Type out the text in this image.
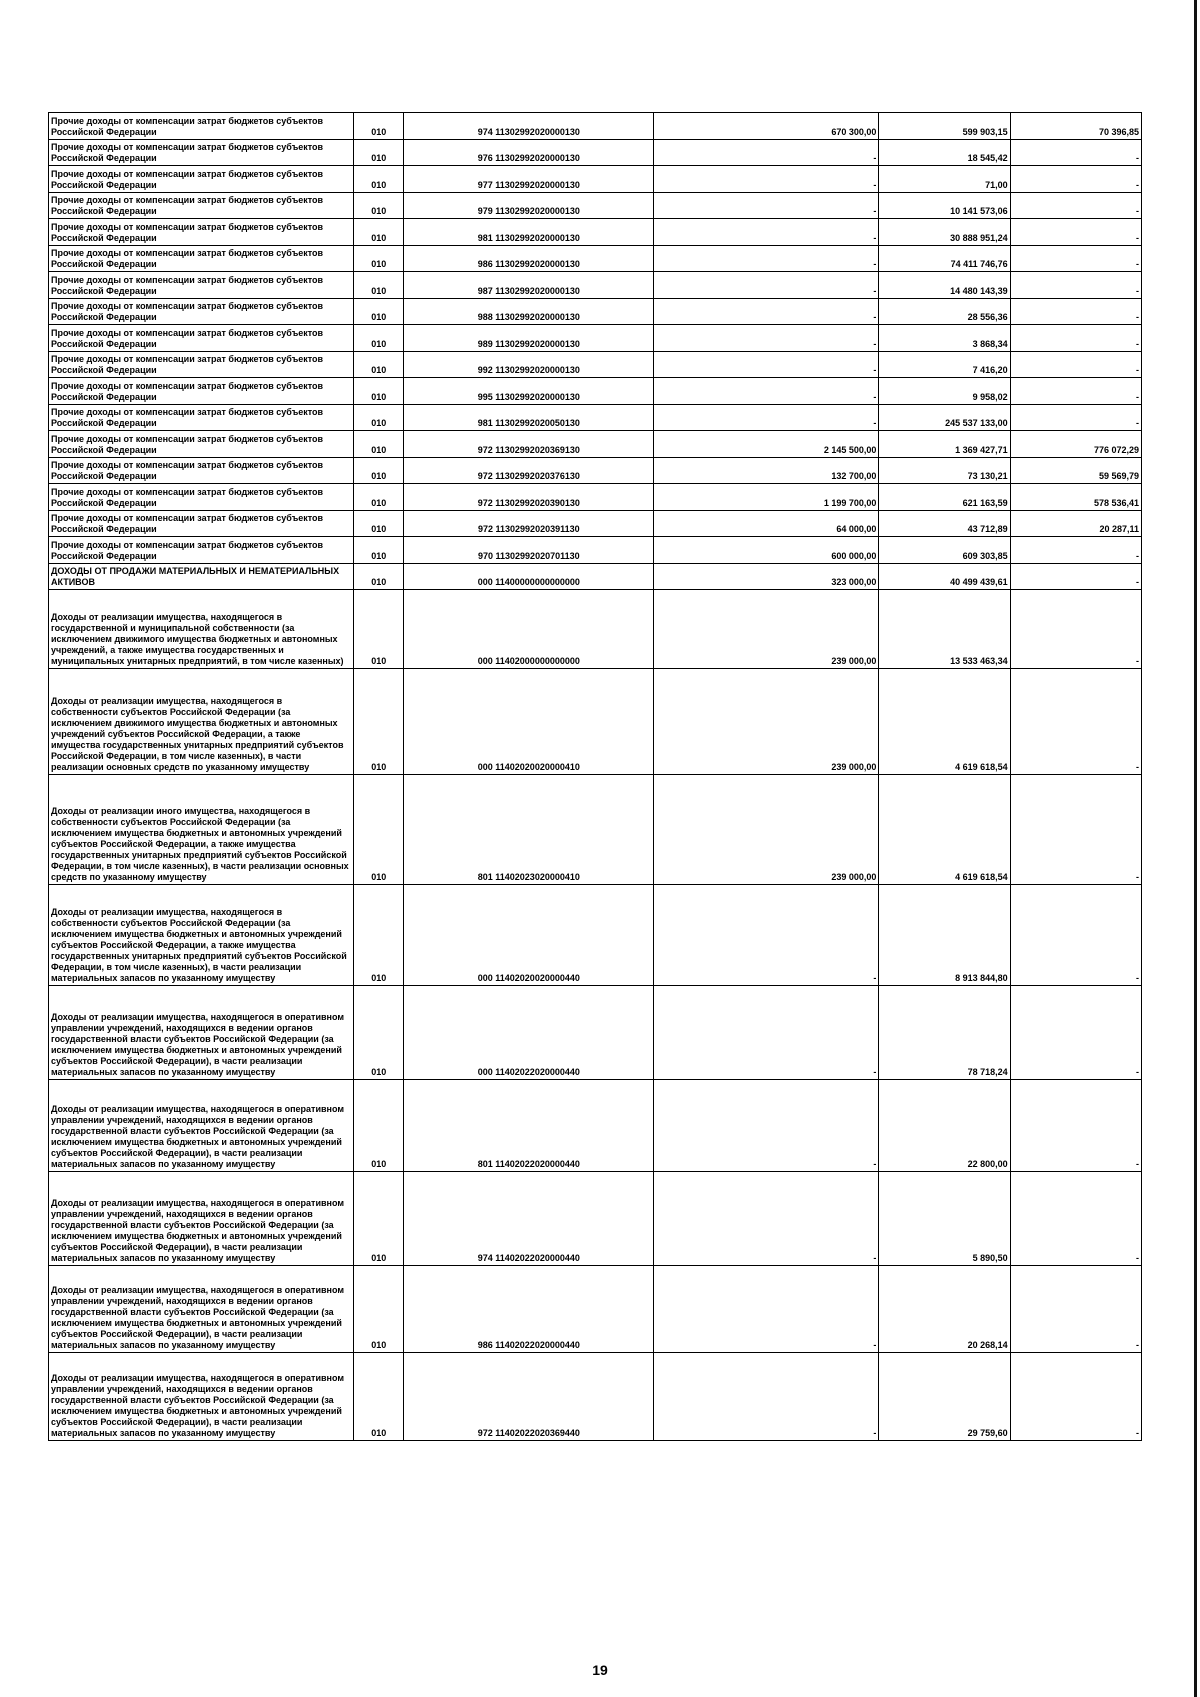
Прочие доходы от компенсации затрат бюджетов субъектов Российской Федерации	010	974 11302992020000130	670 300,00	599 903,15	70 396,85
Прочие доходы от компенсации затрат бюджетов субъектов Российской Федерации	010	976 11302992020000130	-	18 545,42	-
Прочие доходы от компенсации затрат бюджетов субъектов Российской Федерации	010	977 11302992020000130	-	71,00	-
Прочие доходы от компенсации затрат бюджетов субъектов Российской Федерации	010	979 11302992020000130	-	10 141 573,06	-
Прочие доходы от компенсации затрат бюджетов субъектов Российской Федерации	010	981 11302992020000130	-	30 888 951,24	-
Прочие доходы от компенсации затрат бюджетов субъектов Российской Федерации	010	986 11302992020000130	-	74 411 746,76	-
Прочие доходы от компенсации затрат бюджетов субъектов Российской Федерации	010	987 11302992020000130	-	14 480 143,39	-
Прочие доходы от компенсации затрат бюджетов субъектов Российской Федерации	010	988 11302992020000130	-	28 556,36	-
Прочие доходы от компенсации затрат бюджетов субъектов Российской Федерации	010	989 11302992020000130	-	3 868,34	-
Прочие доходы от компенсации затрат бюджетов субъектов Российской Федерации	010	992 11302992020000130	-	7 416,20	-
Прочие доходы от компенсации затрат бюджетов субъектов Российской Федерации	010	995 11302992020000130	-	9 958,02	-
Прочие доходы от компенсации затрат бюджетов субъектов Российской Федерации	010	981 11302992020050130	-	245 537 133,00	-
Прочие доходы от компенсации затрат бюджетов субъектов Российской Федерации	010	972 11302992020369130	2 145 500,00	1 369 427,71	776 072,29
Прочие доходы от компенсации затрат бюджетов субъектов Российской Федерации	010	972 11302992020376130	132 700,00	73 130,21	59 569,79
Прочие доходы от компенсации затрат бюджетов субъектов Российской Федерации	010	972 11302992020390130	1 199 700,00	621 163,59	578 536,41
Прочие доходы от компенсации затрат бюджетов субъектов Российской Федерации	010	972 11302992020391130	64 000,00	43 712,89	20 287,11
Прочие доходы от компенсации затрат бюджетов субъектов Российской Федерации	010	970 11302992020701130	600 000,00	609 303,85	-
ДОХОДЫ ОТ ПРОДАЖИ МАТЕРИАЛЬНЫХ И НЕМАТЕРИАЛЬНЫХ АКТИВОВ	010	000 11400000000000000	323 000,00	40 499 439,61	-
Доходы от реализации имущества, находящегося в государственной и муниципальной собственности (за исключением движимого имущества бюджетных и автономных учреждений, а также имущества государственных и муниципальных унитарных предприятий, в том числе казенных)	010	000 11402000000000000	239 000,00	13 533 463,34	-
Доходы от реализации имущества, находящегося в собственности субъектов Российской Федерации (за исключением движимого имущества бюджетных и автономных учреждений субъектов Российской Федерации, а также имущества государственных унитарных предприятий субъектов Российской Федерации, в том числе казенных), в части реализации основных средств по указанному имуществу	010	000 11402020020000410	239 000,00	4 619 618,54	-
Доходы от реализации иного имущества, находящегося в собственности субъектов Российской Федерации (за исключением имущества бюджетных и автономных учреждений субъектов Российской Федерации, а также имущества государственных унитарных предприятий субъектов Российской Федерации, в том числе казенных), в части реализации основных средств по указанному имуществу	010	801 11402023020000410	239 000,00	4 619 618,54	-
Доходы от реализации имущества, находящегося в собственности субъектов Российской Федерации (за исключением имущества бюджетных и автономных учреждений субъектов Российской Федерации, а также имущества государственных унитарных предприятий субъектов Российской Федерации, в том числе казенных), в части реализации материальных запасов по указанному имуществу	010	000 11402020020000440	-	8 913 844,80	-
Доходы от реализации имущества, находящегося в оперативном управлении учреждений, находящихся в ведении органов государственной власти субъектов Российской Федерации (за исключением имущества бюджетных и автономных учреждений субъектов Российской Федерации), в части реализации материальных запасов по указанному имуществу	010	000 11402022020000440	-	78 718,24	-
Доходы от реализации имущества, находящегося в оперативном управлении учреждений, находящихся в ведении органов государственной власти субъектов Российской Федерации (за исключением имущества бюджетных и автономных учреждений субъектов Российской Федерации), в части реализации материальных запасов по указанному имуществу	010	801 11402022020000440	-	22 800,00	-
Доходы от реализации имущества, находящегося в оперативном управлении учреждений, находящихся в ведении органов государственной власти субъектов Российской Федерации (за исключением имущества бюджетных и автономных учреждений субъектов Российской Федерации), в части реализации материальных запасов по указанному имуществу	010	974 11402022020000440	-	5 890,50	-
Доходы от реализации имущества, находящегося в оперативном управлении учреждений, находящихся в ведении органов государственной власти субъектов Российской Федерации (за исключением имущества бюджетных и автономных учреждений субъектов Российской Федерации), в части реализации материальных запасов по указанному имуществу	010	986 11402022020000440	-	20 268,14	-
Доходы от реализации имущества, находящегося в оперативном управлении учреждений, находящихся в ведении органов государственной власти субъектов Российской Федерации (за исключением имущества бюджетных и автономных учреждений субъектов Российской Федерации), в части реализации материальных запасов по указанному имуществу	010	972 11402022020369440	-	29 759,60	-
19
